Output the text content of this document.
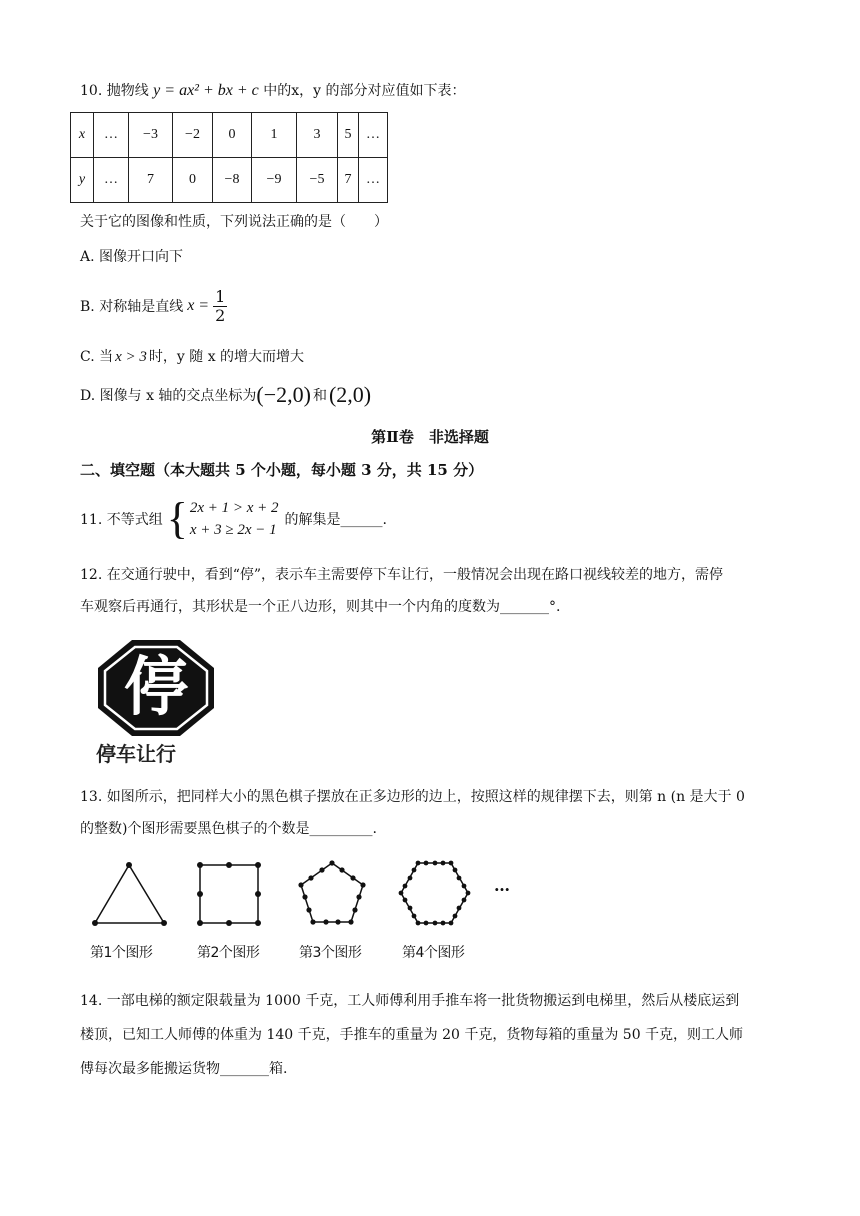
10. 抛物线 y = ax² + bx + c 中的x，y 的部分对应值如下表：
x	…	−3	−2	0	1	3	5	…
y	…	7	0	−8	−9	−5	7	…
关于它的图像和性质，下列说法正确的是（　　）
A. 图像开口向下
B. 对称轴是直线 $x = \frac{1}{2}$
C. 当 x > 3 时，y 随 x 的增大而增大
D. 图像与 x 轴的交点坐标为 (−2,0) 和 (2,0)
第Ⅱ卷　非选择题
二、填空题（本大题共 5 个小题，每小题 3 分，共 15 分）
11. 不等式组 { 2x + 1 > x + 2
x + 3 ≥ 2x − 1
的解集是______.
12. 在交通行驶中，看到“停”，表示车主需要停下车让行，一般情况会出现在路口视线较差的地方，需停
车观察后再通行，其形状是一个正八边形，则其中一个内角的度数为_______°.
停
停车让行
13. 如图所示，把同样大小的黑色棋子摆放在正多边形的边上，按照这样的规律摆下去，则第 n (n 是大于 0
的整数)个图形需要黑色棋子的个数是_________.
…
第1个图形	第2个图形	第3个图形	第4个图形
14. 一部电梯的额定限载量为 1000 千克，工人师傅利用手推车将一批货物搬运到电梯里，然后从楼底运到
楼顶，已知工人师傅的体重为 140 千克，手推车的重量为 20 千克，货物每箱的重量为 50 千克，则工人师
傅每次最多能搬运货物_______箱.
